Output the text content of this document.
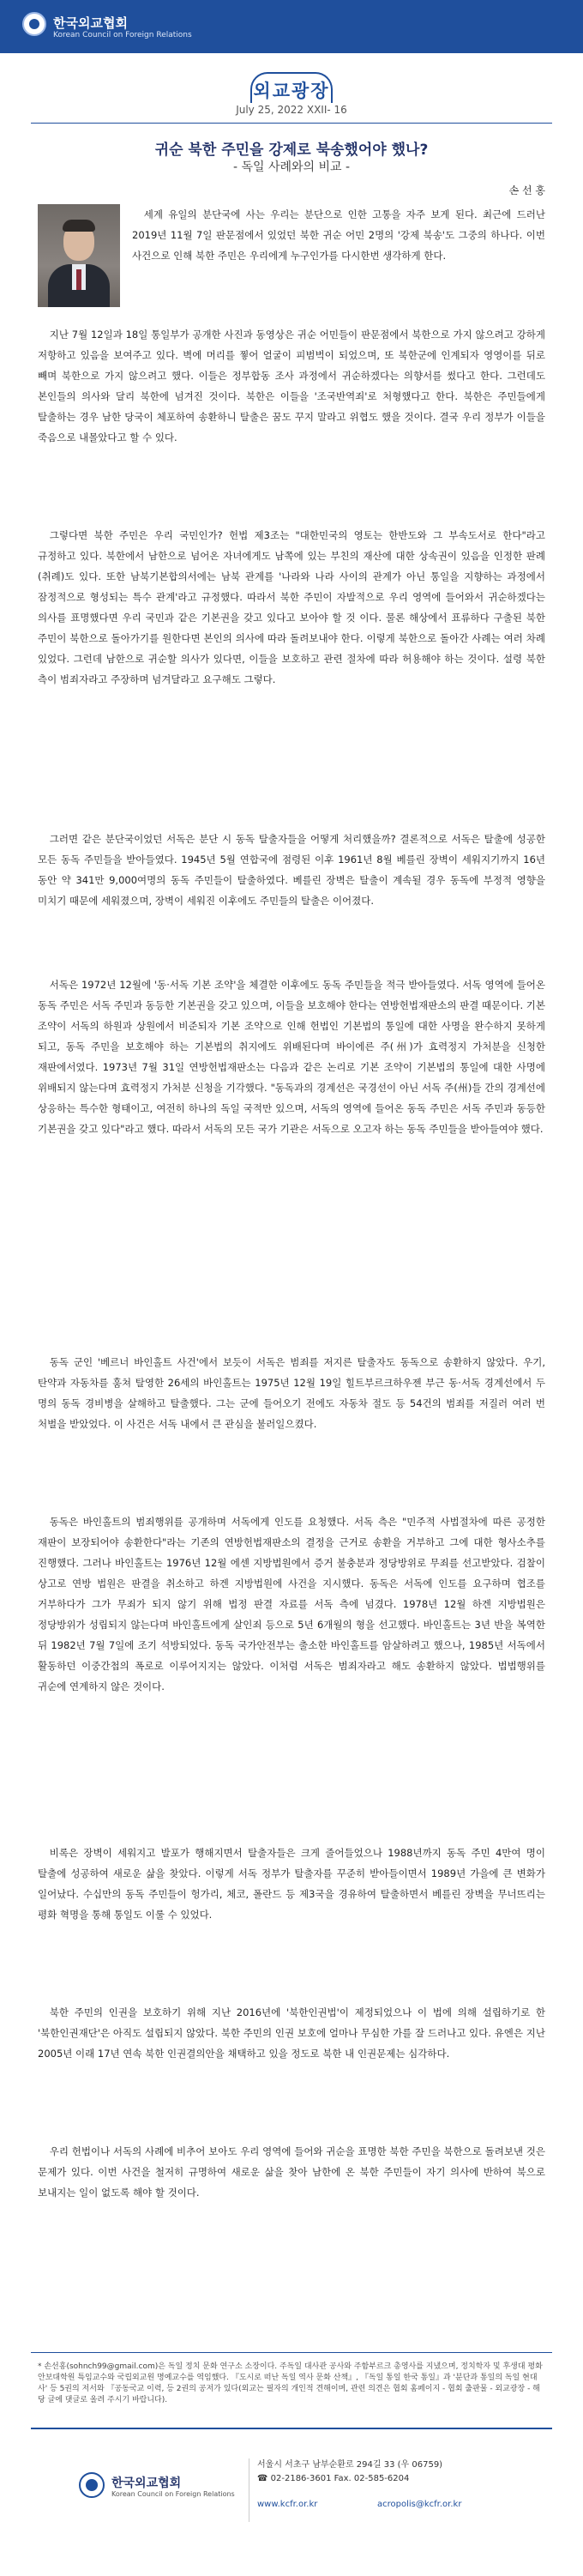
한국외교협회
Korean Council on Foreign Relations
외교광장
July 25, 2022 XXII- 16
귀순 북한 주민을 강제로 북송했어야 했나?
- 독일 사례와의 비교 -
손 선 홍
세계 유일의 분단국에 사는 우리는 분단으로 인한 고통을 자주 보게 된다. 최근에 드러난 2019년 11월 7일 판문점에서 있었던 북한 귀순 어민 2명의 '강제 북송'도 그중의 하나다. 이번 사건으로 인해 북한 주민은 우리에게 누구인가를 다시한번 생각하게 한다.
지난 7월 12일과 18일 통일부가 공개한 사진과 동영상은 귀순 어민들이 판문점에서 북한으로 가지 않으려고 강하게 저항하고 있음을 보여주고 있다. 벽에 머리를 찧어 얼굴이 피범벅이 되었으며, 또 북한군에 인계되자 영영이를 뒤로 빼며 북한으로 가지 않으려고 했다. 이들은 정부합동 조사 과정에서 귀순하겠다는 의향서를 썼다고 한다. 그런데도 본인들의 의사와 달리 북한에 넘겨진 것이다. 북한은 이들을 '조국반역죄'로 처형했다고 한다. 북한은 주민들에게 탈출하는 경우 남한 당국이 체포하여 송환하니 탈출은 꿈도 꾸지 말라고 위협도 했을 것이다. 결국 우리 정부가 이들을 죽음으로 내몰았다고 할 수 있다.
그렇다면 북한 주민은 우리 국민인가? 헌법 제3조는 "대한민국의 영토는 한반도와 그 부속도서로 한다"라고 규정하고 있다. 북한에서 남한으로 넘어온 자녀에게도 남쪽에 있는 부친의 재산에 대한 상속권이 있음을 인정한 판례(취례)도 있다. 또한 남북기본합의서에는 남북 관계를 '나라와 나라 사이의 관계가 아닌 통일을 지향하는 과정에서 잠정적으로 형성되는 특수 관계'라고 규정했다. 따라서 북한 주민이 자발적으로 우리 영역에 들어와서 귀순하겠다는 의사를 표명했다면 우리 국민과 같은 기본권을 갖고 있다고 보아야 할 것 이다. 물론 해상에서 표류하다 구출된 북한 주민이 북한으로 돌아가기를 원한다면 본인의 의사에 따라 돌려보내야 한다. 이렇게 북한으로 돌아간 사례는 여러 차례 있었다. 그런데 남한으로 귀순할 의사가 있다면, 이들을 보호하고 관련 절차에 따라 허용해야 하는 것이다. 설령 북한 측이 범죄자라고 주장하며 넘겨달라고 요구해도 그렇다.
그러면 같은 분단국이었던 서독은 분단 시 동독 탈출자들을 어떻게 처리했을까? 결론적으로 서독은 탈출에 성공한 모든 동독 주민들을 받아들였다. 1945년 5월 연합국에 점령된 이후 1961년 8월 베를린 장벽이 세워지기까지 16년 동안 약 341만 9,000여명의 동독 주민들이 탈출하였다. 베를린 장벽은 탈출이 계속될 경우 동독에 부정적 영향을 미치기 때문에 세워졌으며, 장벽이 세워진 이후에도 주민들의 탈출은 이어졌다.
서독은 1972년 12월에 '동·서독 기본 조약'을 체결한 이후에도 동독 주민들을 적극 받아들였다. 서독 영역에 들어온 동독 주민은 서독 주민과 동등한 기본권을 갖고 있으며, 이들을 보호해야 한다는 연방헌법재판소의 판결 때문이다. 기본 조약이 서독의 하원과 상원에서 비준되자 기본 조약으로 인해 헌법인 기본법의 통일에 대한 사명을 완수하지 못하게 되고, 동독 주민을 보호해야 하는 기본법의 취지에도 위배된다며 바이에른 주(州)가 효력정지 가처분을 신청한 재판에서였다. 1973년 7월 31일 연방헌법재판소는 다음과 같은 논리로 기본 조약이 기본법의 통일에 대한 사명에 위배되지 않는다며 효력정지 가처분 신청을 기각했다. "동독과의 경계선은 국경선이 아닌 서독 주(州)들 간의 경계선에 상응하는 특수한 형태이고, 여전히 하나의 독일 국적만 있으며, 서독의 영역에 들어온 동독 주민은 서독 주민과 동등한 기본권을 갖고 있다"라고 했다. 따라서 서독의 모든 국가 기관은 서독으로 오고자 하는 동독 주민들을 받아들여야 했다.
동독 군인 '베르너 바인홀트 사건'에서 보듯이 서독은 범죄를 저지른 탈출자도 동독으로 송환하지 않았다. 우기, 탄약과 자동차를 훔쳐 탈영한 26세의 바인홀트는 1975년 12월 19일 힐트부르크하우젠 부근 동·서독 경계선에서 두 명의 동독 경비병을 살해하고 탈출했다. 그는 군에 들어오기 전에도 자동차 절도 등 54건의 범죄를 저질러 여러 번 처벌을 받았었다. 이 사건은 서독 내에서 큰 관심을 불러일으켰다.
동독은 바인홀트의 범죄행위를 공개하며 서독에게 인도를 요청했다. 서독 측은 "민주적 사법절차에 따른 공정한 재판이 보장되어야 송환한다"라는 기존의 연방헌법재판소의 결정을 근거로 송환을 거부하고 그에 대한 형사소추를 진행했다. 그러나 바인홀트는 1976년 12월 에센 지방법원에서 증거 불충분과 정당방위로 무죄를 선고받았다. 검찰이 상고로 연방 법원은 판결을 취소하고 하겐 지방법원에 사건을 지시했다. 동독은 서독에 인도를 요구하며 협조를 거부하다가 그가 무죄가 되지 않기 위해 법정 판결 자료를 서독 측에 넘겼다. 1978년 12월 하겐 지방법원은 정당방위가 성립되지 않는다며 바인홀트에게 살인죄 등으로 5년 6개월의 형을 선고했다. 바인홀트는 3년 반을 복역한 뒤 1982년 7월 7일에 조기 석방되었다. 동독 국가안전부는 출소한 바인홀트를 암살하려고 했으나, 1985년 서독에서 활동하던 이중간첩의 폭로로 이루어지지는 않았다. 이처럼 서독은 범죄자라고 해도 송환하지 않았다. 법법행위를 귀순에 연계하지 않은 것이다.
비록은 장벽이 세워지고 발포가 행해지면서 탈출자들은 크게 줄어들었으나 1988년까지 동독 주민 4만여 명이 탈출에 성공하여 새로운 삶을 찾았다. 이렇게 서독 정부가 탈출자를 꾸준히 받아들이면서 1989년 가을에 큰 변화가 일어났다. 수십만의 동독 주민들이 헝가리, 체코, 폴란드 등 제3국을 경유하여 탈출하면서 베를린 장벽을 무너뜨리는 평화 혁명을 통해 통일도 이룰 수 있었다.
북한 주민의 인권을 보호하기 위해 지난 2016년에 '북한인권법'이 제정되었으나 이 법에 의해 설립하기로 한 '북한인권재단'은 아직도 설립되지 않았다. 북한 주민의 인권 보호에 얼마나 무심한 가를 잘 드러나고 있다. 유엔은 지난 2005년 이래 17년 연속 북한 인권결의안을 채택하고 있을 정도로 북한 내 인권문제는 심각하다.
우리 헌법이나 서독의 사례에 비추어 보아도 우리 영역에 들어와 귀순을 표명한 북한 주민을 북한으로 돌려보낸 것은 문제가 있다. 이번 사건을 철저히 규명하여 새로운 삶을 찾아 남한에 온 북한 주민들이 자기 의사에 반하여 북으로 보내지는 일이 없도록 해야 할 것이다.
* 손선홍(sohnch99@gmail.com)은 독일 정치 문화 연구소 소장이다. 주독일 대사관 공사와 주함부르크 총영사를 지냈으며, 정치학자 및 후생대 평화안보대학원 특임교수와 국립외교원 명예교수를 역임했다. 『도시로 떠난 독일 역사 문화 산책』, 『독일 통일 한국 통일』과 '분단과 통일의 독일 현대사' 등 5권의 저서와 『공동국교 이력, 등 2권의 공저가 있다(외교는 필자의 개인적 견해이며, 관련 의견은 협회 홈페이지 - 협회 출판물 - 외교광장 - 해당 글에 댓글로 올려 주시기 바랍니다).
한국외교협회
Korean Council on Foreign Relations
서울시 서초구 남부순환로 294길 33 (우 06759)
☎ 02-2186-3601 Fax. 02-585-6204
www.kcfr.or.kr	acropolis@kcfr.or.kr
